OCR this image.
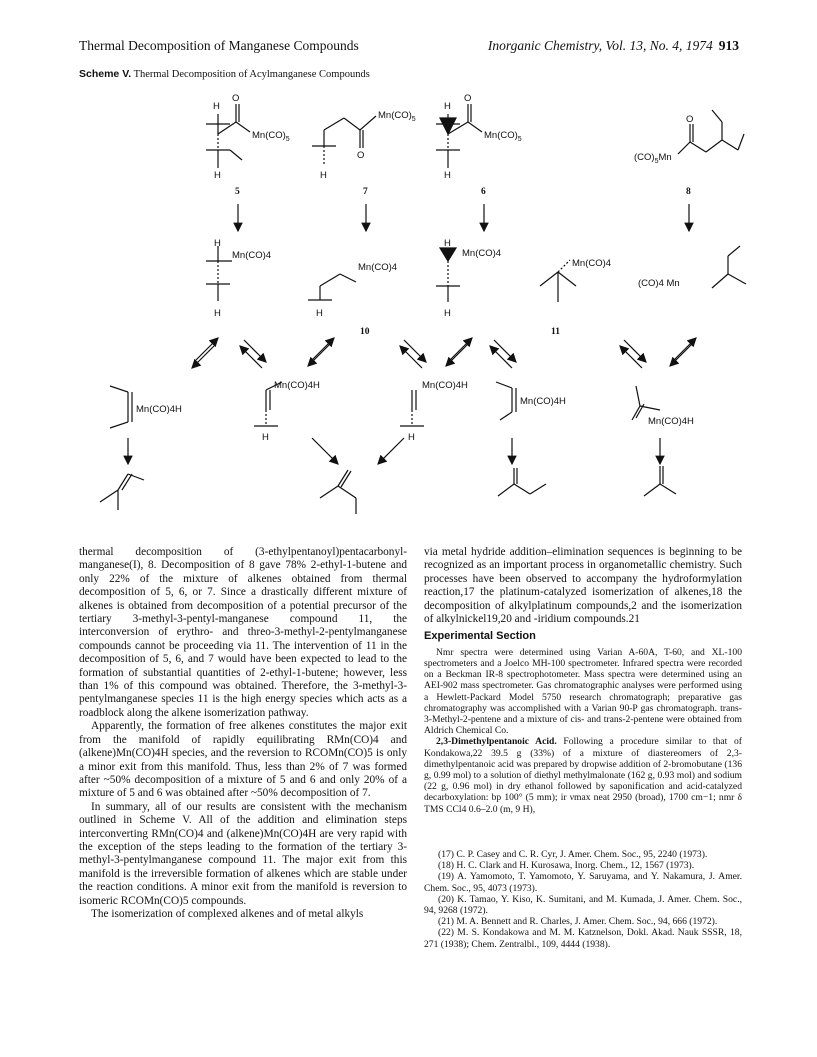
Thermal Decomposition of Manganese Compounds	Inorganic Chemistry, Vol. 13, No. 4, 1974 913
Scheme V. Thermal Decomposition of Acylmanganese Compounds
H
O
$Mn(CO)_5$
H
5
$Mn(CO)_5$
O
H
7
H
O
$Mn(CO)_5$
H
6
O
$(CO)_5Mn$
8
H
Mn(CO)4
H
Mn(CO)4
H
10
H
Mn(CO)4
H
Mn(CO)4
11
(CO)4 Mn
Mn(CO)4H
Mn(CO)4H
H
Mn(CO)4H
H
Mn(CO)4H
Mn(CO)4H

thermal decomposition of (3-ethylpentanoyl)pentacarbonyl-manganese(I), 8. Decomposition of 8 gave 78% 2-ethyl-1-butene and only 22% of the mixture of alkenes obtained from thermal decomposition of 5, 6, or 7. Since a drastically different mixture of alkenes is obtained from decomposition of a potential precursor of the tertiary 3-methyl-3-pentyl-manganese compound 11, the interconversion of erythro- and threo-3-methyl-2-pentylmanganese compounds cannot be proceeding via 11. The intervention of 11 in the decomposition of 5, 6, and 7 would have been expected to lead to the formation of substantial quantities of 2-ethyl-1-butene; however, less than 1% of this compound was obtained. Therefore, the 3-methyl-3-pentylmanganese species 11 is the high energy species which acts as a roadblock along the alkene isomerization pathway.

Apparently, the formation of free alkenes constitutes the major exit from the manifold of rapidly equilibrating RMn(CO)4 and (alkene)Mn(CO)4H species, and the reversion to RCOMn(CO)5 is only a minor exit from this manifold. Thus, less than 2% of 7 was formed after ~50% decomposition of a mixture of 5 and 6 and only 20% of a mixture of 5 and 6 was obtained after ~50% decomposition of 7.

In summary, all of our results are consistent with the mechanism outlined in Scheme V. All of the addition and elimination steps interconverting RMn(CO)4 and (alkene)Mn(CO)4H are very rapid with the exception of the steps leading to the formation of the tertiary 3-methyl-3-pentylmanganese compound 11. The major exit from this manifold is the irreversible formation of alkenes which are stable under the reaction conditions. A minor exit from the manifold is reversion to isomeric RCOMn(CO)5 compounds.

The isomerization of complexed alkenes and of metal alkyls

via metal hydride addition–elimination sequences is beginning to be recognized as an important process in organometallic chemistry. Such processes have been observed to accompany the hydroformylation reaction,17 the platinum-catalyzed isomerization of alkenes,18 the decomposition of alkylplatinum compounds,2 and the isomerization of alkylnickel19,20 and -iridium compounds.21

Experimental Section

Nmr spectra were determined using Varian A-60A, T-60, and XL-100 spectrometers and a Joelco MH-100 spectrometer. Infrared spectra were recorded on a Beckman IR-8 spectrophotometer. Mass spectra were determined using an AEI-902 mass spectrometer. Gas chromatographic analyses were performed using a Hewlett-Packard Model 5750 research chromatograph; preparative gas chromatography was accomplished with a Varian 90-P gas chromatograph. trans-3-Methyl-2-pentene and a mixture of cis- and trans-2-pentene were obtained from Aldrich Chemical Co.

2,3-Dimethylpentanoic Acid. Following a procedure similar to that of Kondakowa,22 39.5 g (33%) of a mixture of diastereomers of 2,3-dimethylpentanoic acid was prepared by dropwise addition of 2-bromobutane (136 g, 0.99 mol) to a solution of diethyl methylmalonate (162 g, 0.93 mol) and sodium (22 g, 0.96 mol) in dry ethanol followed by saponification and acid-catalyzed decarboxylation: bp 100° (5 mm); ir νmax neat 2950 (broad), 1700 cm−1; nmr δ TMS CCl4 0.6–2.0 (m, 9 H),

(17) C. P. Casey and C. R. Cyr, J. Amer. Chem. Soc., 95, 2240 (1973).

(18) H. C. Clark and H. Kurosawa, Inorg. Chem., 12, 1567 (1973).

(19) A. Yamomoto, T. Yamomoto, Y. Saruyama, and Y. Nakamura, J. Amer. Chem. Soc., 95, 4073 (1973).

(20) K. Tamao, Y. Kiso, K. Sumitani, and M. Kumada, J. Amer. Chem. Soc., 94, 9268 (1972).

(21) M. A. Bennett and R. Charles, J. Amer. Chem. Soc., 94, 666 (1972).

(22) M. S. Kondakowa and M. M. Katznelson, Dokl. Akad. Nauk SSSR, 18, 271 (1938); Chem. Zentralbl., 109, 4444 (1938).
